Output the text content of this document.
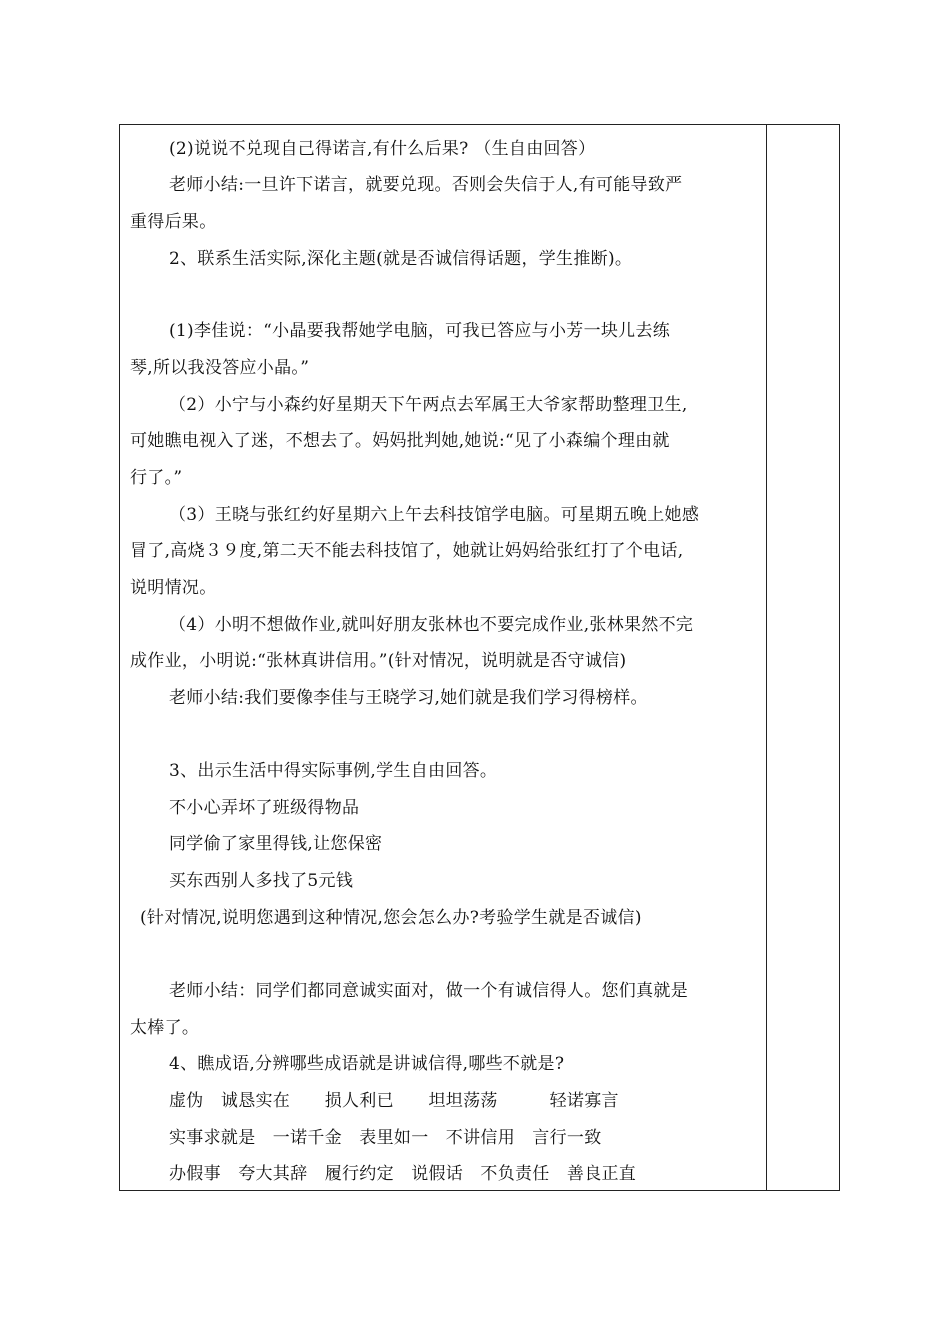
(2)说说不兑现自己得诺言,有什么后果? （生自由回答）
老师小结:一旦许下诺言，就要兑现。否则会失信于人,有可能导致严
重得后果。
2、联系生活实际,深化主题(就是否诚信得话题，学生推断)。
(1)李佳说：“小晶要我帮她学电脑，可我已答应与小芳一块儿去练
琴,所以我没答应小晶。”
（2）小宁与小森约好星期天下午两点去军属王大爷家帮助整理卫生,
可她瞧电视入了迷，不想去了。妈妈批判她,她说:“见了小森编个理由就
行了。”
（3）王晓与张红约好星期六上午去科技馆学电脑。可星期五晚上她感
冒了,高烧３９度,第二天不能去科技馆了，她就让妈妈给张红打了个电话,
说明情况。
（4）小明不想做作业,就叫好朋友张林也不要完成作业,张林果然不完
成作业，小明说:“张林真讲信用。”(针对情况，说明就是否守诚信)
老师小结:我们要像李佳与王晓学习,她们就是我们学习得榜样。
3、出示生活中得实际事例,学生自由回答。
不小心弄坏了班级得物品
同学偷了家里得钱,让您保密
买东西别人多找了5元钱
(针对情况,说明您遇到这种情况,您会怎么办?考验学生就是否诚信)
老师小结：同学们都同意诚实面对，做一个有诚信得人。您们真就是
太棒了。
4、瞧成语,分辨哪些成语就是讲诚信得,哪些不就是?
虚伪　诚恳实在　　损人利已　　坦坦荡荡　　　轻诺寡言
实事求就是　一诺千金　表里如一　不讲信用　言行一致
办假事　夸大其辞　履行约定　说假话　不负责任　善良正直
